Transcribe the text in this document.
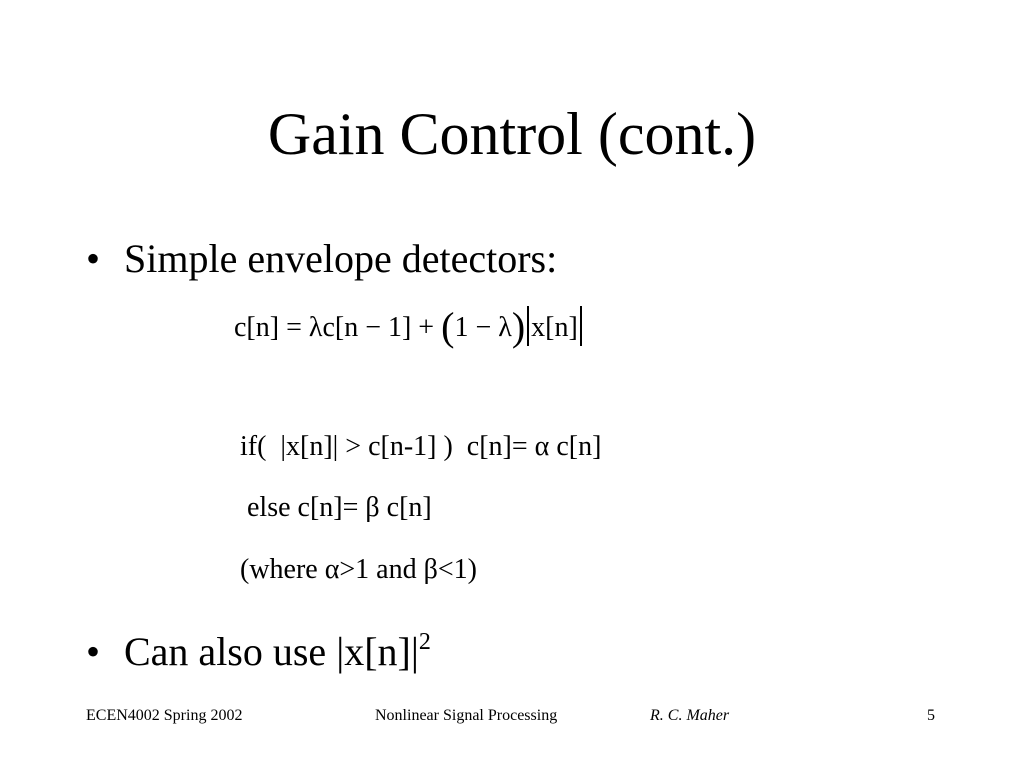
Gain Control (cont.)
• Simple envelope detectors:
c[n] = λc[n − 1] + (1 − λ) x[n]
if(  |x[n]| > c[n-1] )  c[n]= α c[n]
else c[n]= β c[n]
(where α>1 and β<1)
• Can also use $|x[n]|^2$
ECEN4002 Spring 2002	Nonlinear Signal Processing	R. C. Maher	5
